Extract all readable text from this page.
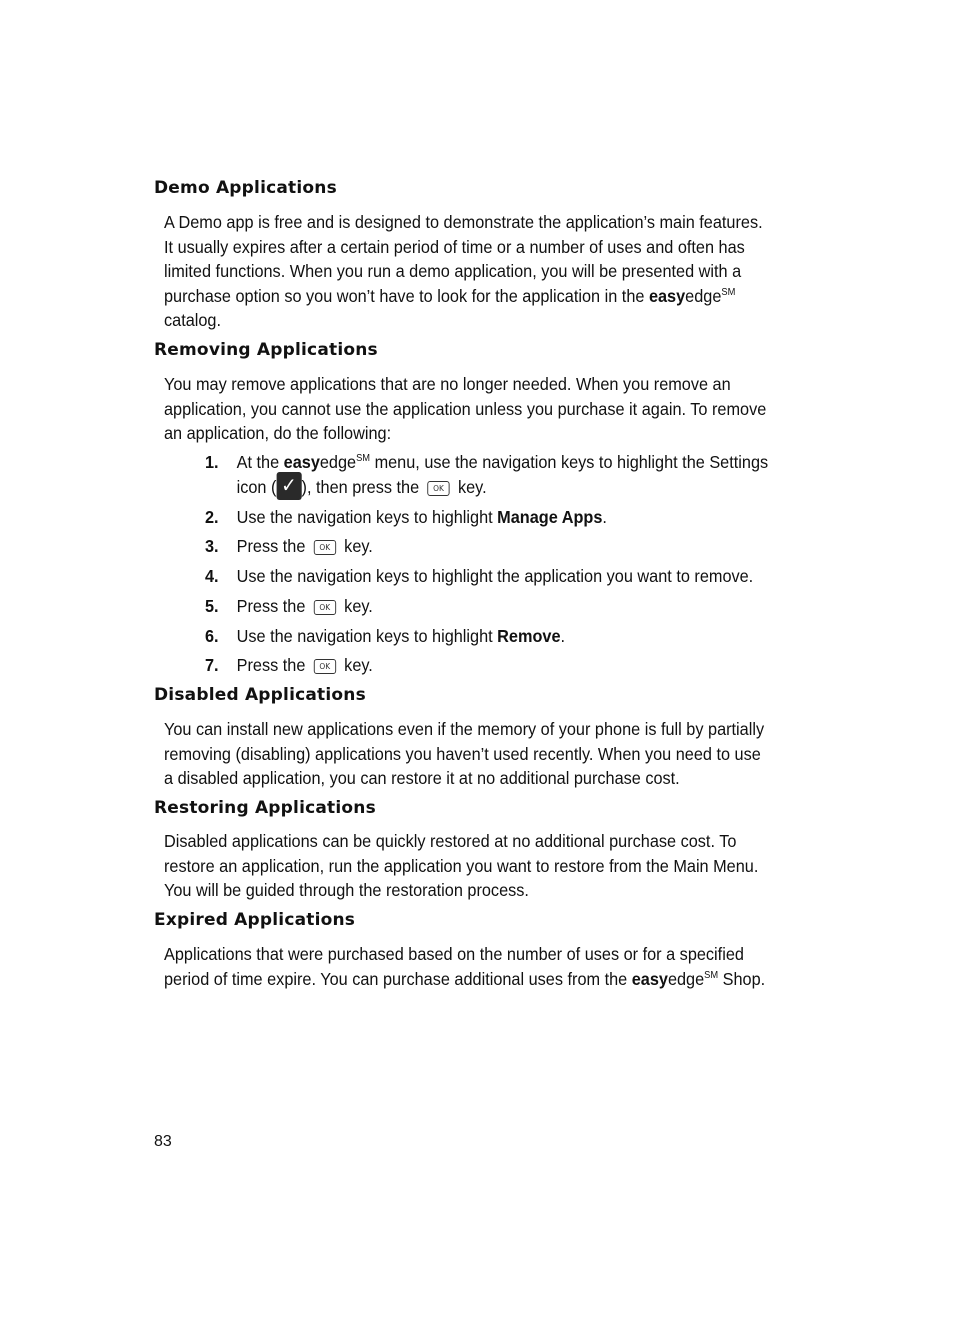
Demo Applications

A Demo app is free and is designed to demonstrate the application’s main features. It usually expires after a certain period of time or a number of uses and often has limited functions. When you run a demo application, you will be presented with a purchase option so you won’t have to look for the application in the easyedge℠ catalog.

Removing Applications

You may remove applications that are no longer needed. When you remove an application, you cannot use the application unless you purchase it again. To remove an application, do the following:

1. At the easyedge℠ menu, use the navigation keys to highlight the Settings icon ( ✓ ), then press the OK key.
2. Use the navigation keys to highlight Manage Apps.
3. Press the OK key.
4. Use the navigation keys to highlight the application you want to remove.
5. Press the OK key.
6. Use the navigation keys to highlight Remove.
7. Press the OK key.
Disabled Applications

You can install new applications even if the memory of your phone is full by partially removing (disabling) applications you haven’t used recently. When you need to use a disabled application, you can restore it at no additional purchase cost.

Restoring Applications

Disabled applications can be quickly restored at no additional purchase cost. To restore an application, run the application you want to restore from the Main Menu. You will be guided through the restoration process.

Expired Applications

Applications that were purchased based on the number of uses or for a specified period of time expire. You can purchase additional uses from the easyedge℠ Shop.

83
